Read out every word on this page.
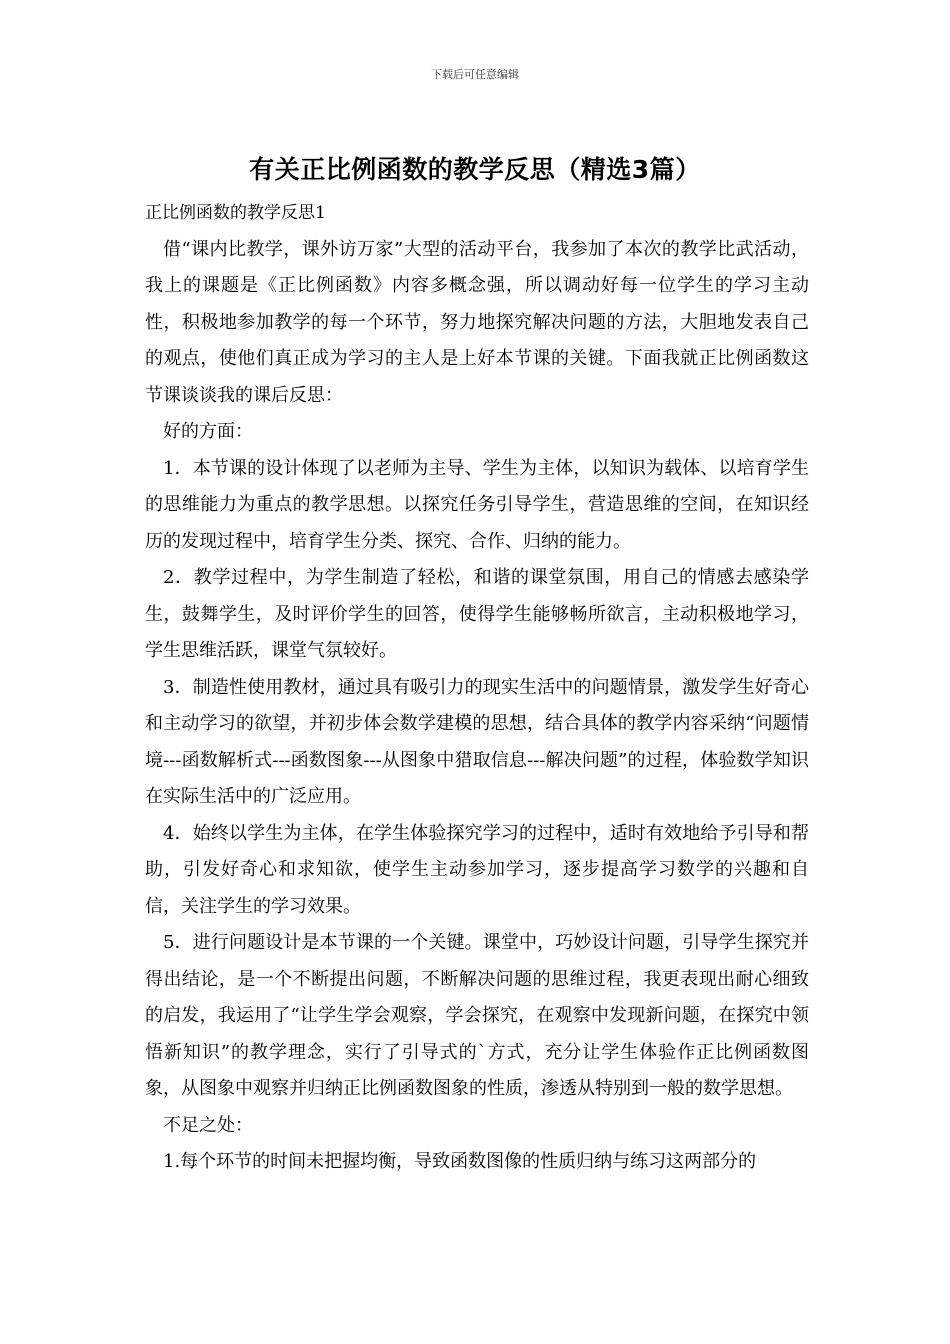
下载后可任意编辑
有关正比例函数的教学反思（精选3篇）

正比例函数的教学反思1

借“课内比教学，课外访万家”大型的活动平台，我参加了本次的教学比武活动，我上的课题是《正比例函数》内容多概念强，所以调动好每一位学生的学习主动性，积极地参加教学的每一个环节，努力地探究解决问题的方法，大胆地发表自己的观点，使他们真正成为学习的主人是上好本节课的关键。下面我就正比例函数这节课谈谈我的课后反思：

好的方面：

1．本节课的设计体现了以老师为主导、学生为主体，以知识为载体、以培育学生的思维能力为重点的教学思想。以探究任务引导学生，营造思维的空间，在知识经历的发现过程中，培育学生分类、探究、合作、归纳的能力。

2．教学过程中，为学生制造了轻松，和谐的课堂氛围，用自己的情感去感染学生，鼓舞学生，及时评价学生的回答，使得学生能够畅所欲言，主动积极地学习，学生思维活跃，课堂气氛较好。

3．制造性使用教材，通过具有吸引力的现实生活中的问题情景，激发学生好奇心和主动学习的欲望，并初步体会数学建模的思想，结合具体的教学内容采纳“问题情境---函数解析式---函数图象---从图象中猎取信息---解决问题”的过程，体验数学知识在实际生活中的广泛应用。

4．始终以学生为主体，在学生体验探究学习的过程中，适时有效地给予引导和帮助，引发好奇心和求知欲，使学生主动参加学习，逐步提高学习数学的兴趣和自信，关注学生的学习效果。

5．进行问题设计是本节课的一个关键。课堂中，巧妙设计问题，引导学生探究并得出结论，是一个不断提出问题，不断解决问题的思维过程，我更表现出耐心细致的启发，我运用了“让学生学会观察，学会探究，在观察中发现新问题，在探究中领悟新知识”的教学理念，实行了引导式的`方式，充分让学生体验作正比例函数图象，从图象中观察并归纳正比例函数图象的性质，渗透从特别到一般的数学思想。

不足之处：

1.每个环节的时间未把握均衡，导致函数图像的性质归纳与练习这两部分的
